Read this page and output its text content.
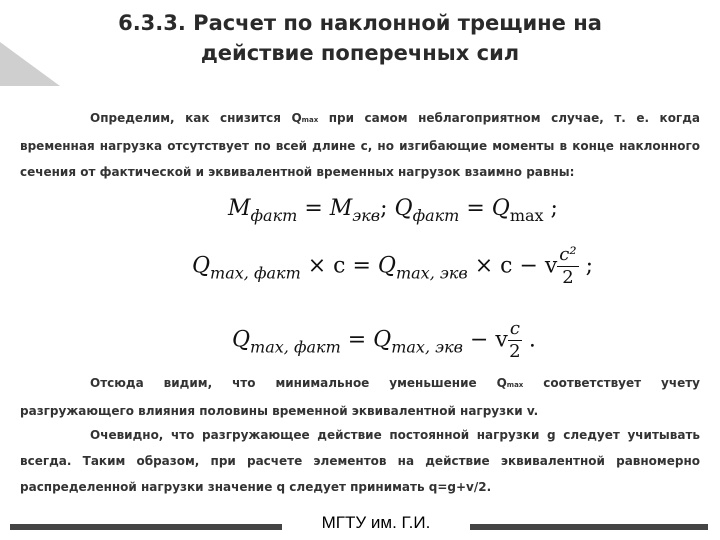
6.3.3. Расчет по наклонной трещине на
действие поперечных сил
Определим, как снизится Qmax при самом неблагоприятном случае, т. е. когда временная нагрузка отсутствует по всей длине с, но изгибающие моменты в конце наклонного сечения от фактической и эквивалентной временных нагрузок взаимно равны:
$M_{факт} = M_{экв}$; $Q_{факт} = Q_{max}$ ;
$Q_{max, факт} \times c = Q_{max, экв} \times c - v \frac{\text{c²}}{2}$ ;
$Q_{max, факт} = Q_{max, экв} - v \frac{c}{2}$ .
Отсюда видим, что минимальное уменьшение Qmax соответствует учету разгружающего влияния половины временной эквивалентной нагрузки v.
Очевидно, что разгружающее действие постоянной нагрузки g следует учитывать всегда. Таким образом, при расчете элементов на действие эквивалентной равномерно распределенной нагрузки значение q следует принимать q=g+v/2.
МГТУ им. Г.И.
